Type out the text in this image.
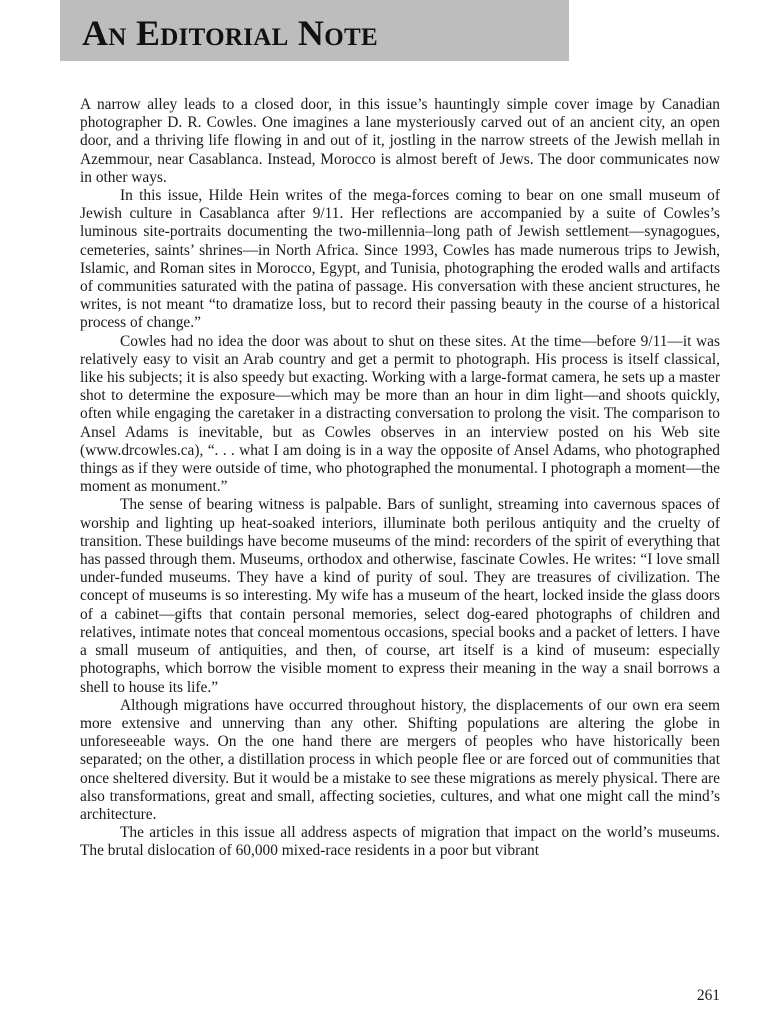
An Editorial Note

A narrow alley leads to a closed door, in this issue’s hauntingly simple cover image by Canadian photographer D. R. Cowles. One imagines a lane mysteriously carved out of an ancient city, an open door, and a thriving life flowing in and out of it, jostling in the narrow streets of the Jewish mellah in Azemmour, near Casablanca. Instead, Morocco is almost bereft of Jews. The door communicates now in other ways.

In this issue, Hilde Hein writes of the mega-forces coming to bear on one small museum of Jewish culture in Casablanca after 9/11. Her reflections are accompanied by a suite of Cowles’s luminous site-portraits documenting the two-millennia–long path of Jewish settlement—synagogues, cemeteries, saints’ shrines—in North Africa. Since 1993, Cowles has made numerous trips to Jewish, Islamic, and Roman sites in Morocco, Egypt, and Tunisia, photographing the eroded walls and artifacts of communities saturated with the patina of passage. His conversation with these ancient structures, he writes, is not meant “to dramatize loss, but to record their passing beauty in the course of a historical process of change.”

Cowles had no idea the door was about to shut on these sites. At the time—before 9/11—it was relatively easy to visit an Arab country and get a permit to photograph. His process is itself classical, like his subjects; it is also speedy but exacting. Working with a large-format camera, he sets up a master shot to determine the exposure—which may be more than an hour in dim light—and shoots quickly, often while engaging the caretaker in a distracting conversation to prolong the visit. The comparison to Ansel Adams is inevitable, but as Cowles observes in an interview posted on his Web site (www.drcowles.ca), “. . . what I am doing is in a way the opposite of Ansel Adams, who photographed things as if they were outside of time, who photographed the monumental. I photograph a moment—the moment as monument.”

The sense of bearing witness is palpable. Bars of sunlight, streaming into cavernous spaces of worship and lighting up heat-soaked interiors, illuminate both perilous antiquity and the cruelty of transition. These buildings have become museums of the mind: recorders of the spirit of everything that has passed through them. Museums, orthodox and otherwise, fascinate Cowles. He writes: “I love small under-funded museums. They have a kind of purity of soul. They are treasures of civilization. The concept of museums is so interesting. My wife has a museum of the heart, locked inside the glass doors of a cabinet—gifts that contain personal memories, select dog-eared photographs of children and relatives, intimate notes that conceal momentous occasions, special books and a packet of letters. I have a small museum of antiquities, and then, of course, art itself is a kind of museum: especially photographs, which borrow the visible moment to express their meaning in the way a snail borrows a shell to house its life.”

Although migrations have occurred throughout history, the displacements of our own era seem more extensive and unnerving than any other. Shifting populations are altering the globe in unforeseeable ways. On the one hand there are mergers of peoples who have historically been separated; on the other, a distillation process in which people flee or are forced out of communities that once sheltered diversity. But it would be a mistake to see these migrations as merely physical. There are also transformations, great and small, affecting societies, cultures, and what one might call the mind’s architecture.

The articles in this issue all address aspects of migration that impact on the world’s museums. The brutal dislocation of 60,000 mixed-race residents in a poor but vibrant

261
